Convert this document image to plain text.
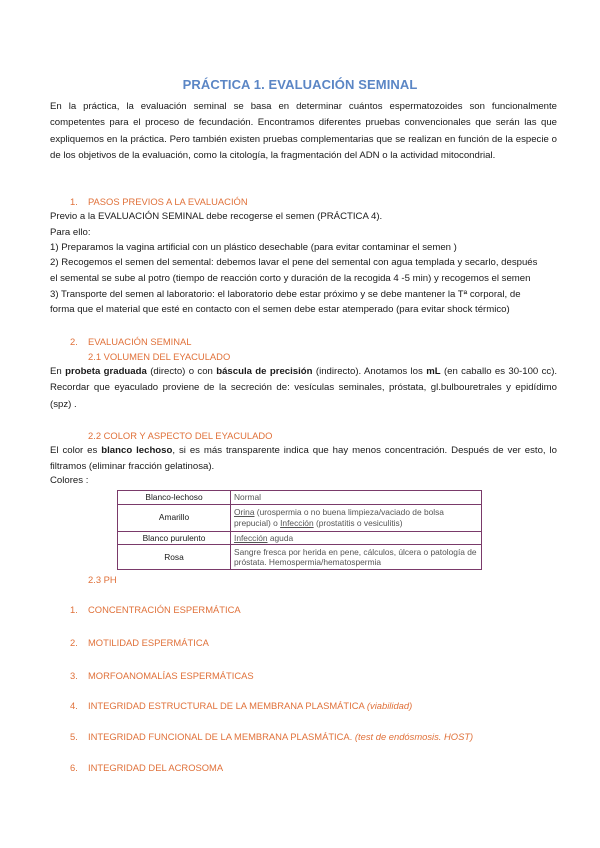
PRÁCTICA 1. EVALUACIÓN SEMINAL
En la práctica, la evaluación seminal se basa en determinar cuántos espermatozoides son funcionalmente competentes para el proceso de fecundación. Encontramos diferentes pruebas convencionales que serán las que expliquemos en la práctica. Pero también existen pruebas complementarias que se realizan en función de la especie o de los objetivos de la evaluación, como la citología, la fragmentación del ADN o la actividad mitocondrial.
1. PASOS PREVIOS A LA EVALUACIÓN
Previo a la EVALUACIÓN SEMINAL debe recogerse el semen (PRÁCTICA 4).
Para ello:
1) Preparamos la vagina artificial con un plástico desechable (para evitar contaminar el semen )
2) Recogemos el semen del semental: debemos lavar el pene del semental con agua templada y secarlo, después
el semental se sube al potro (tiempo de reacción corto y duración de la recogida 4 -5 min) y recogemos el semen
3) Transporte del semen al laboratorio: el laboratorio debe estar próximo y se debe mantener la Tª corporal, de
forma que el material que esté en contacto con el semen debe estar atemperado (para evitar shock térmico)
2. EVALUACIÓN SEMINAL
2.1 VOLUMEN DEL EYACULADO
En probeta graduada (directo) o con báscula de precisión (indirecto). Anotamos los mL (en caballo es 30-100 cc). Recordar que eyaculado proviene de la secreción de: vesículas seminales, próstata, gl.bulbouretrales y epidídimo (spz) .
2.2 COLOR Y ASPECTO DEL EYACULADO
El color es blanco lechoso, si es más transparente indica que hay menos concentración. Después de ver esto, lo filtramos (eliminar fracción gelatinosa).
Colores :
Blanco-lechoso	Normal
Amarillo	Orina (urospermia o no buena limpieza/vaciado de bolsa prepucial) o Infección (prostatitis o vesiculitis)
Blanco purulento	Infección aguda
Rosa	Sangre fresca por herida en pene, cálculos, úlcera o patología de próstata. Hemospermia/hematospermia
2.3 PH
1. CONCENTRACIÓN ESPERMÁTICA
2. MOTILIDAD ESPERMÁTICA
3. MORFOANOMALÍAS ESPERMÁTICAS
4. INTEGRIDAD ESTRUCTURAL DE LA MEMBRANA PLASMÁTICA (viabilidad)
5. INTEGRIDAD FUNCIONAL DE LA MEMBRANA PLASMÁTICA. (test de endósmosis. HOST)
6. INTEGRIDAD DEL ACROSOMA
